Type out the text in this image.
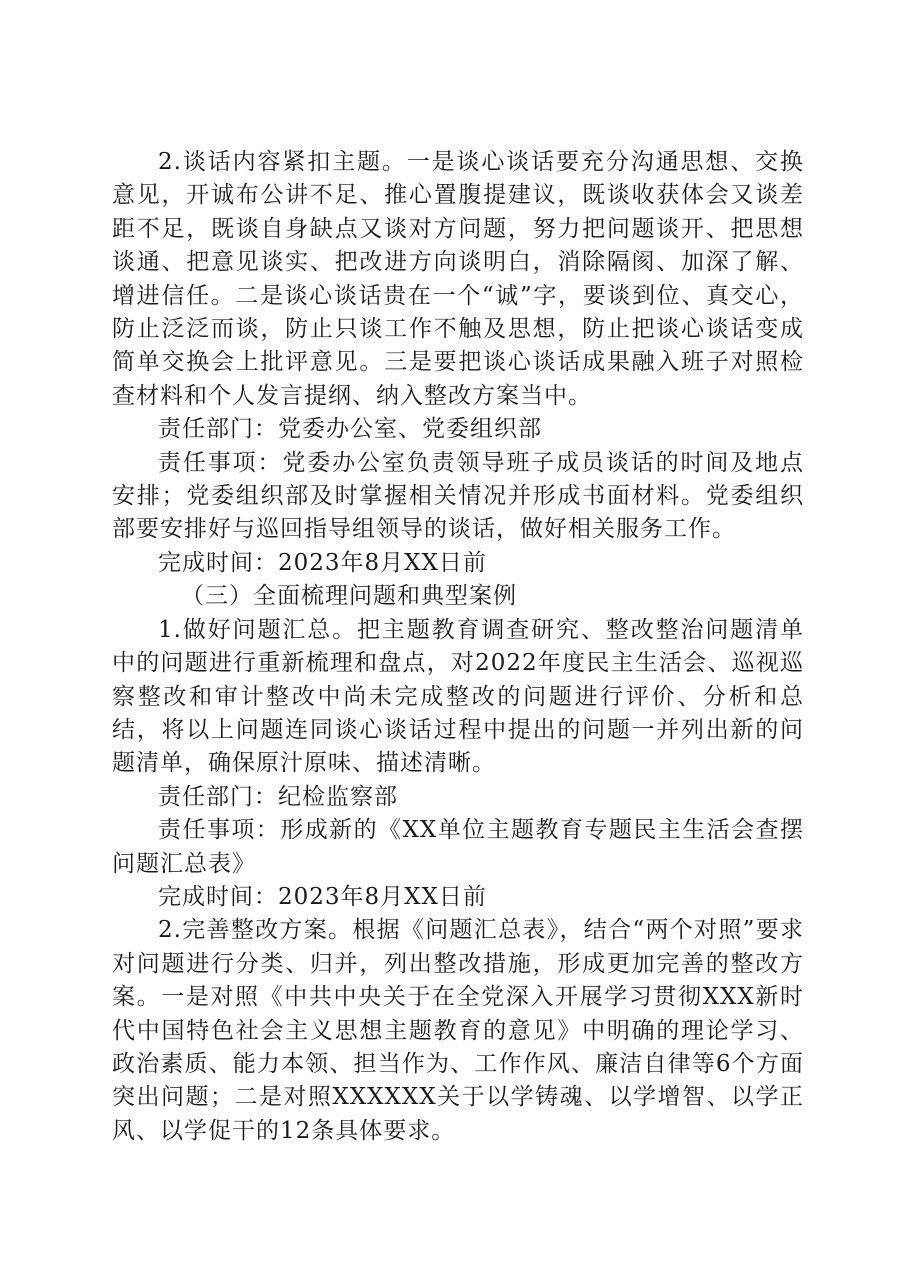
2.谈话内容紧扣主题。一是谈心谈话要充分沟通思想、交换意见，开诚布公讲不足、推心置腹提建议，既谈收获体会又谈差距不足，既谈自身缺点又谈对方问题，努力把问题谈开、把思想谈通、把意见谈实、把改进方向谈明白，消除隔阂、加深了解、增进信任。二是谈心谈话贵在一个“诚”字，要谈到位、真交心，防止泛泛而谈，防止只谈工作不触及思想，防止把谈心谈话变成简单交换会上批评意见。三是要把谈心谈话成果融入班子对照检查材料和个人发言提纲、纳入整改方案当中。

责任部门：党委办公室、党委组织部

责任事项：党委办公室负责领导班子成员谈话的时间及地点安排；党委组织部及时掌握相关情况并形成书面材料。党委组织部要安排好与巡回指导组领导的谈话，做好相关服务工作。

完成时间：2023年8月XX日前

（三）全面梳理问题和典型案例

1.做好问题汇总。把主题教育调查研究、整改整治问题清单中的问题进行重新梳理和盘点，对2022年度民主生活会、巡视巡察整改和审计整改中尚未完成整改的问题进行评价、分析和总结，将以上问题连同谈心谈话过程中提出的问题一并列出新的问题清单，确保原汁原味、描述清晰。

责任部门：纪检监察部

责任事项：形成新的《XX单位主题教育专题民主生活会查摆问题汇总表》

完成时间：2023年8月XX日前

2.完善整改方案。根据《问题汇总表》，结合“两个对照”要求对问题进行分类、归并，列出整改措施，形成更加完善的整改方案。一是对照《中共中央关于在全党深入开展学习贯彻XXX新时代中国特色社会主义思想主题教育的意见》中明确的理论学习、政治素质、能力本领、担当作为、工作作风、廉洁自律等6个方面突出问题；二是对照XXXXXX关于以学铸魂、以学增智、以学正风、以学促干的12条具体要求。
